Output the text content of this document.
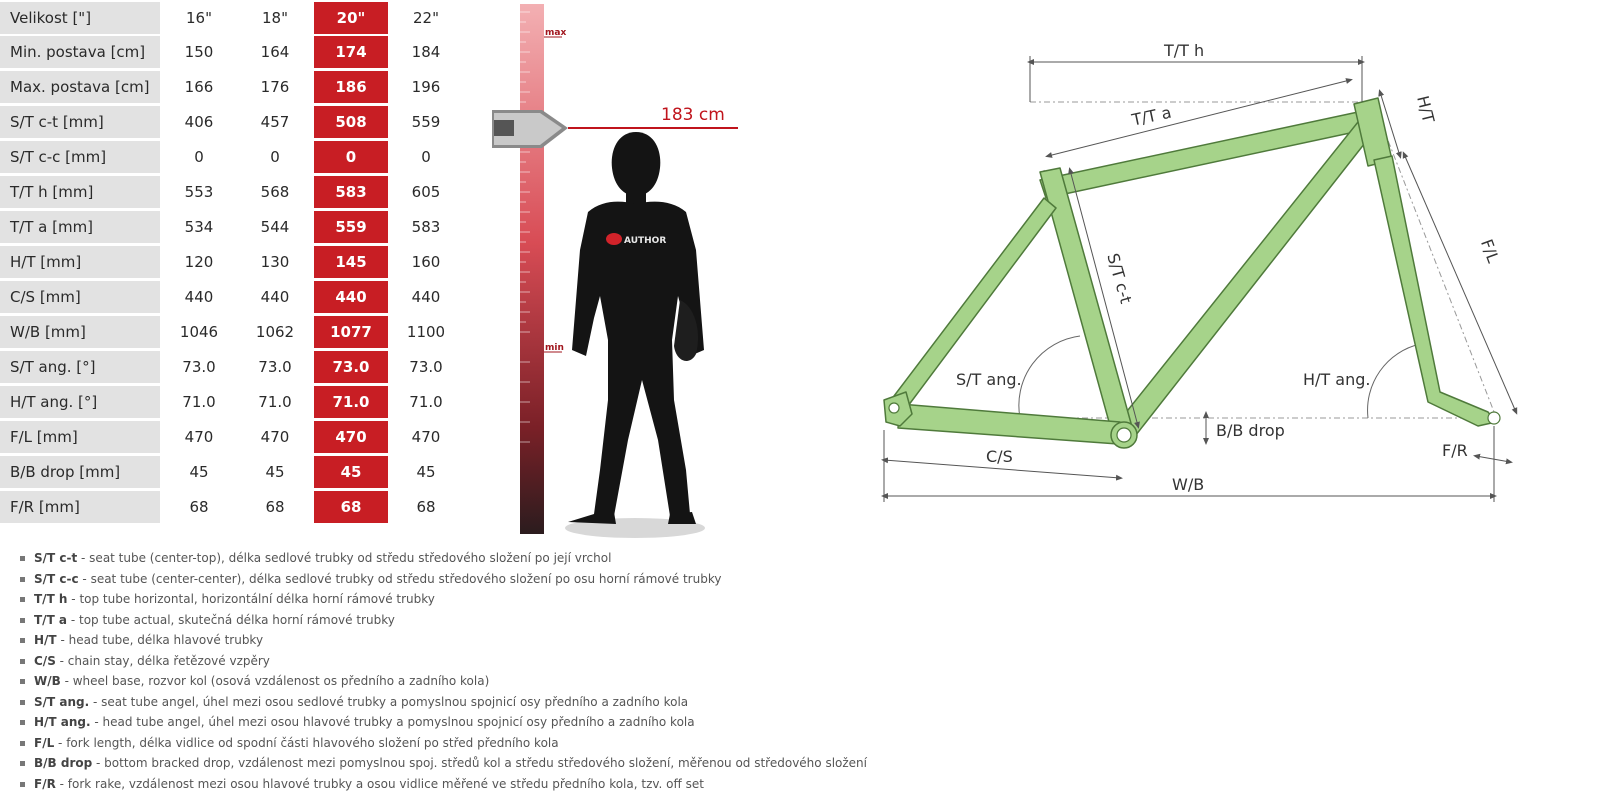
Velikost ["]	16"	18"	20"	22"
Min. postava [cm]	150	164	174	184
Max. postava [cm]	166	176	186	196
S/T c-t [mm]	406	457	508	559
S/T c-c [mm]	0	0	0	0
T/T h [mm]	553	568	583	605
T/T a [mm]	534	544	559	583
H/T [mm]	120	130	145	160
C/S [mm]	440	440	440	440
W/B [mm]	1046	1062	1077	1100
S/T ang. [°]	73.0	73.0	73.0	73.0
H/T ang. [°]	71.0	71.0	71.0	71.0
F/L [mm]	470	470	470	470
B/B drop [mm]	45	45	45	45
F/R [mm]	68	68	68	68
max
min
183 cm
AUTHOR
T/T h
T/T a	H/T
F/L
S/T c-t
S/T ang.	H/T ang.
B/B drop
C/S
W/B
F/R
S/T c-t - seat tube (center-top), délka sedlové trubky od středu středového složení po její vrchol
S/T c-c - seat tube (center-center), délka sedlové trubky od středu středového složení po osu horní rámové trubky
T/T h - top tube horizontal, horizontální délka horní rámové trubky
T/T a - top tube actual, skutečná délka horní rámové trubky
H/T - head tube, délka hlavové trubky
C/S - chain stay, délka řetězové vzpěry
W/B - wheel base, rozvor kol (osová vzdálenost os předního a zadního kola)
S/T ang. - seat tube angel, úhel mezi osou sedlové trubky a pomyslnou spojnicí osy předního a zadního kola
H/T ang. - head tube angel, úhel mezi osou hlavové trubky a pomyslnou spojnicí osy předního a zadního kola
F/L - fork length, délka vidlice od spodní části hlavového složení po střed předního kola
B/B drop - bottom bracked drop, vzdálenost mezi pomyslnou spoj. středů kol a středu středového složení, měřenou od středového složení
F/R - fork rake, vzdálenost mezi osou hlavové trubky a osou vidlice měřené ve středu předního kola, tzv. off set
